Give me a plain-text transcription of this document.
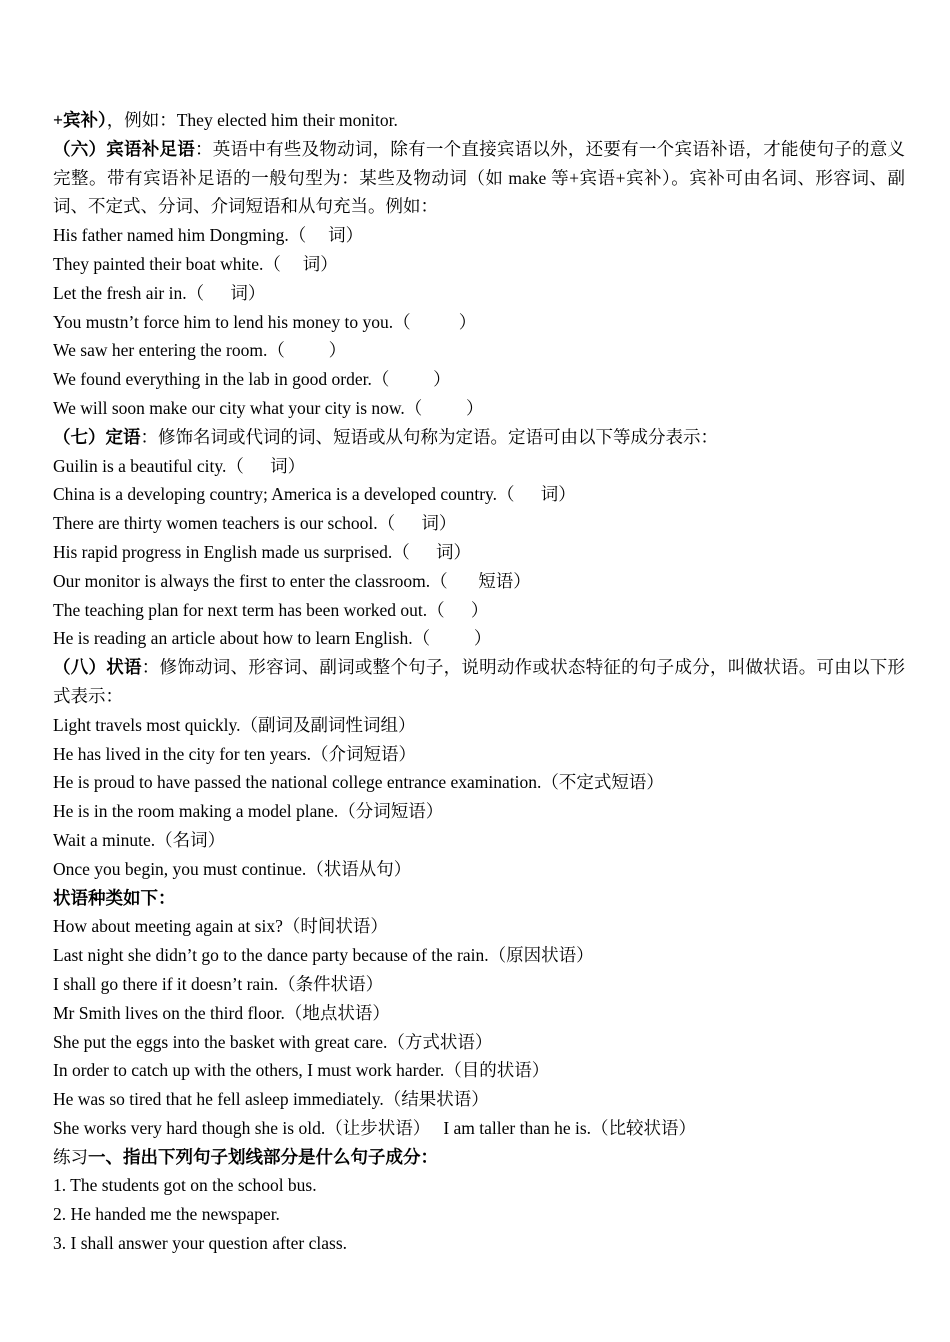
+宾补），例如：They elected him their monitor.
（六）宾语补足语：英语中有些及物动词，除有一个直接宾语以外，还要有一个宾语补语，才能使句子的意义完整。带有宾语补足语的一般句型为：某些及物动词（如 make 等+宾语+宾补）。宾补可由名词、形容词、副词、不定式、分词、介词短语和从句充当。例如：
His father named him Dongming.（     词）
They painted their boat white.（     词）
Let the fresh air in.（      词）
You mustn’t force him to lend his money to you.（           ）
We saw her entering the room.（          ）
We found everything in the lab in good order.（          ）
We will soon make our city what your city is now.（          ）
（七）定语：修饰名词或代词的词、短语或从句称为定语。定语可由以下等成分表示：
Guilin is a beautiful city.（      词）
China is a developing country; America is a developed country.（      词）
There are thirty women teachers is our school.（      词）
His rapid progress in English made us surprised.（      词）
Our monitor is always the first to enter the classroom.（       短语）
The teaching plan for next term has been worked out.（      ）
He is reading an article about how to learn English.（          ）
（八）状语：修饰动词、形容词、副词或整个句子，说明动作或状态特征的句子成分，叫做状语。可由以下形式表示：
Light travels most quickly.（副词及副词性词组）
He has lived in the city for ten years.（介词短语）
He is proud to have passed the national college entrance examination.（不定式短语）
He is in the room making a model plane.（分词短语）
Wait a minute.（名词）
Once you begin, you must continue.（状语从句）
状语种类如下：
How about meeting again at six?（时间状语）
Last night she didn’t go to the dance party because of the rain.（原因状语）
I shall go there if it doesn’t rain.（条件状语）
Mr Smith lives on the third floor.（地点状语）
She put the eggs into the basket with great care.（方式状语）
In order to catch up with the others, I must work harder.（目的状语）
He was so tired that he fell asleep immediately.（结果状语）
She works very hard though she is old.（让步状语）   I am taller than he is.（比较状语）
练习一、指出下列句子划线部分是什么句子成分：
1. The students got on the school bus.
2. He handed me the newspaper.
3. I shall answer your question after class.
